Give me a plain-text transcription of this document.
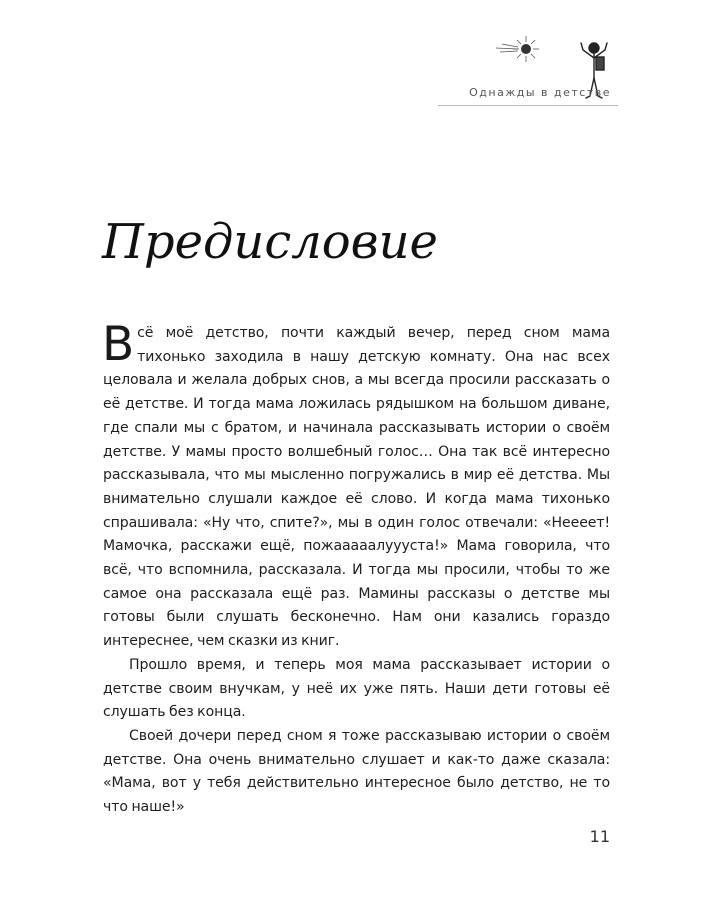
Однажды в детстве
Предисловие

Всё моё детство, почти каждый вечер, перед сном мама тихонько заходила в нашу детскую комнату. Она нас всех целовала и желала добрых снов, а мы всегда просили рассказать о её детстве. И тогда мама ложилась рядышком на большом диване, где спали мы с братом, и начинала рассказывать истории о своём детстве. У мамы просто волшебный голос… Она так всё интересно рассказывала, что мы мысленно погружались в мир её детства. Мы внимательно слушали каждое её слово. И когда мама тихонько спрашивала: «Ну что, спите?», мы в один голос отвечали: «Нееeет! Мамочка, расскажи ещё, пожааааалуууста!» Мама говорила, что всё, что вспомнила, рассказала. И тогда мы просили, чтобы то же самое она рассказала ещё раз. Мамины рассказы о детстве мы готовы были слушать бесконечно. Нам они казались гораздо интереснее, чем сказки из книг.

Прошло время, и теперь моя мама рассказывает истории о детстве своим внучкам, у неё их уже пять. Наши дети готовы её слушать без конца.

Своей дочери перед сном я тоже рассказываю истории о своём детстве. Она очень внимательно слушает и как-то даже сказала: «Мама, вот у тебя действительно интересное было детство, не то что наше!»

11
